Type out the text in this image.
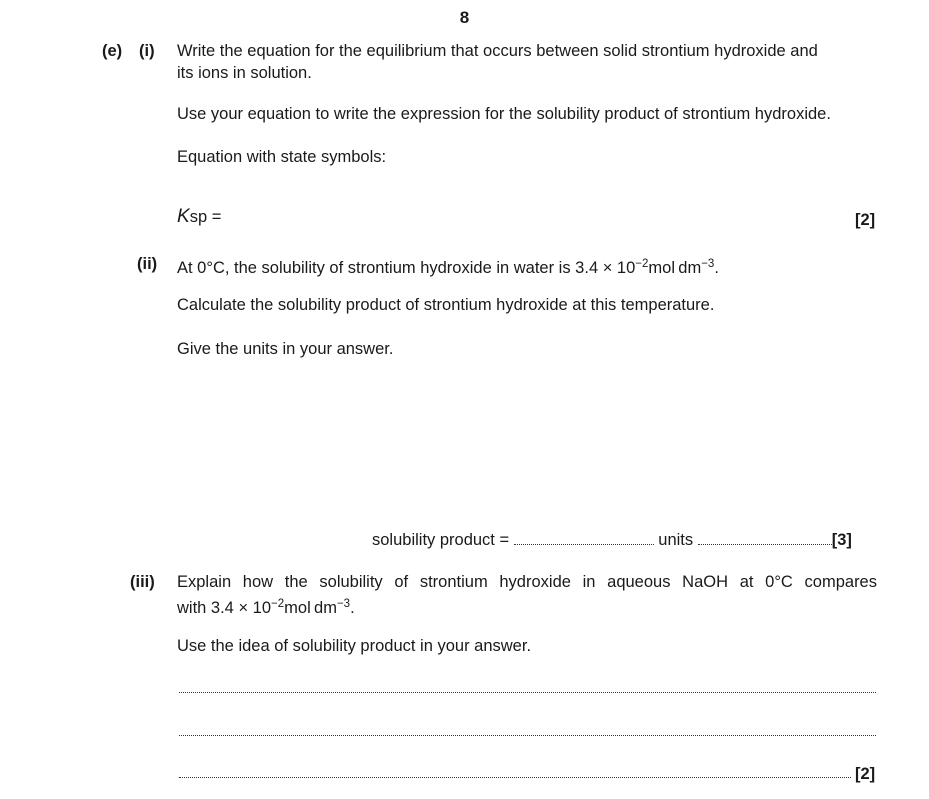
8
(e) (i) Write the equation for the equilibrium that occurs between solid strontium hydroxide and
its ions in solution.
Use your equation to write the expression for the solubility product of strontium hydroxide.
Equation with state symbols:
Ksp =	[2]
(ii) At 0°C, the solubility of strontium hydroxide in water is $3.4 \times 10^{-2}mol$ $dm^{-3}$.
Calculate the solubility product of strontium hydroxide at this temperature.
Give the units in your answer.
solubility product =	units	[3]
(iii) Explain how the solubility of strontium hydroxide in aqueous NaOH at 0°C compares
with $3.4 \times 10^{-2}mol$ $dm^{-3}$.
Use the idea of solubility product in your answer.
[2]
